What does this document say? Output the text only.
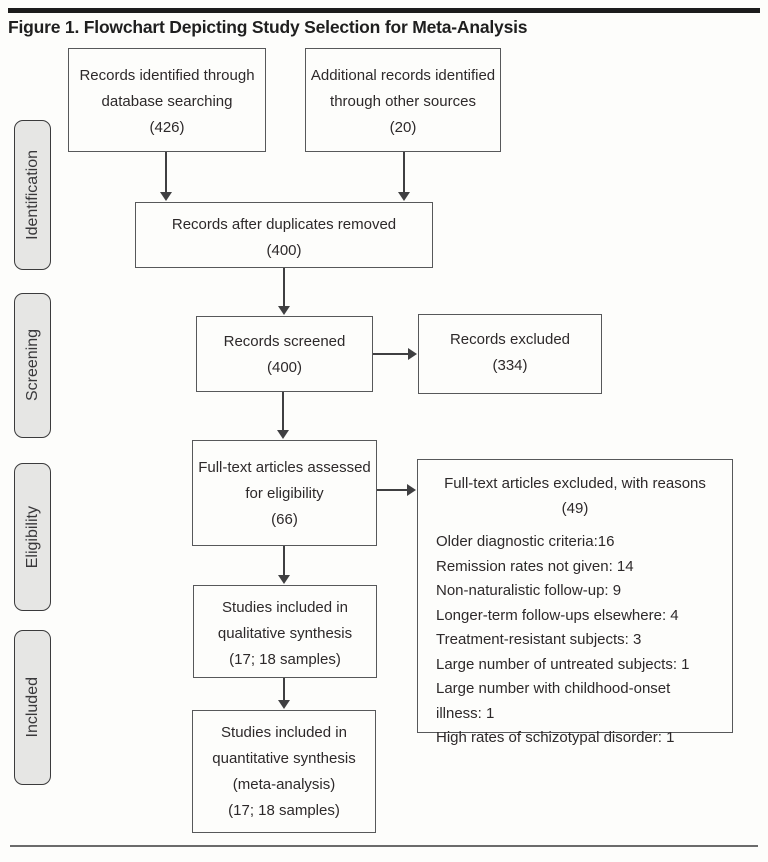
Figure 1. Flowchart Depicting Study Selection for Meta-Analysis
Identification
Screening
Eligibility
Included
Records identified through
database searching
(426)
Additional records identified
through other sources
(20)
Records after duplicates removed
(400)
Records screened
(400)
Records excluded
(334)
Full-text articles assessed
for eligibility
(66)
Full-text articles excluded, with reasons
(49)
Older diagnostic criteria:16
Remission rates not given: 14
Non-naturalistic follow-up: 9
Longer-term follow-ups elsewhere: 4
Treatment-resistant subjects: 3
Large number of untreated subjects: 1
Large number with childhood-onset illness: 1
High rates of schizotypal disorder: 1
Studies included in
qualitative synthesis
(17; 18 samples)
Studies included in
quantitative synthesis
(meta-analysis)
(17; 18 samples)
